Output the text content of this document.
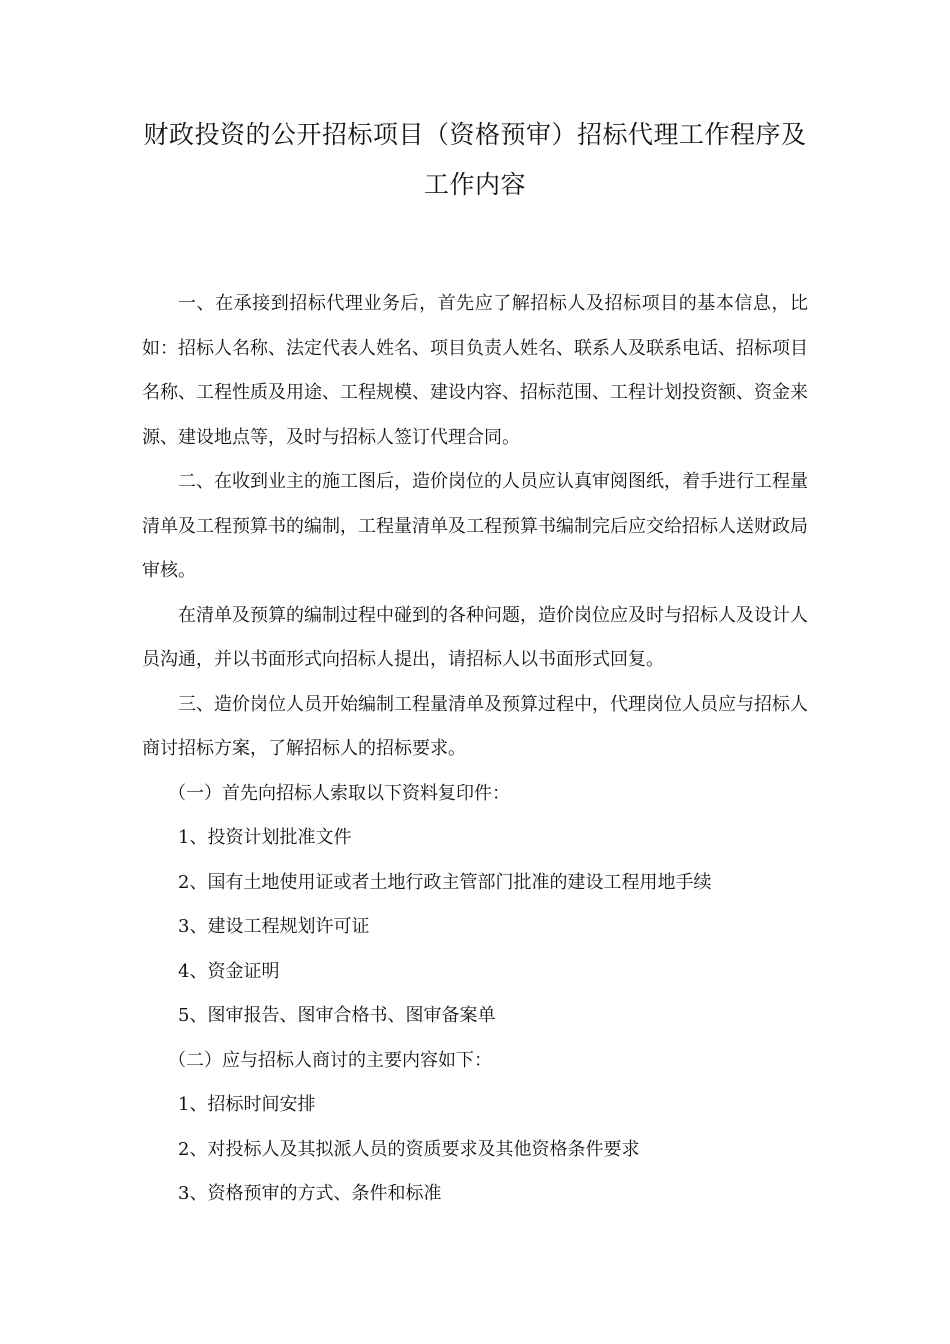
财政投资的公开招标项目（资格预审）招标代理工作程序及
工作内容

一、在承接到招标代理业务后，首先应了解招标人及招标项目的基本信息，比如：招标人名称、法定代表人姓名、项目负责人姓名、联系人及联系电话、招标项目名称、工程性质及用途、工程规模、建设内容、招标范围、工程计划投资额、资金来源、建设地点等，及时与招标人签订代理合同。

二、在收到业主的施工图后，造价岗位的人员应认真审阅图纸，着手进行工程量清单及工程预算书的编制，工程量清单及工程预算书编制完后应交给招标人送财政局审核。

在清单及预算的编制过程中碰到的各种问题，造价岗位应及时与招标人及设计人员沟通，并以书面形式向招标人提出，请招标人以书面形式回复。

三、造价岗位人员开始编制工程量清单及预算过程中，代理岗位人员应与招标人商讨招标方案，了解招标人的招标要求。

（一）首先向招标人索取以下资料复印件：

1、投资计划批准文件

2、国有土地使用证或者土地行政主管部门批准的建设工程用地手续

3、建设工程规划许可证

4、资金证明

5、图审报告、图审合格书、图审备案单

（二）应与招标人商讨的主要内容如下：

1、招标时间安排

2、对投标人及其拟派人员的资质要求及其他资格条件要求

3、资格预审的方式、条件和标准
